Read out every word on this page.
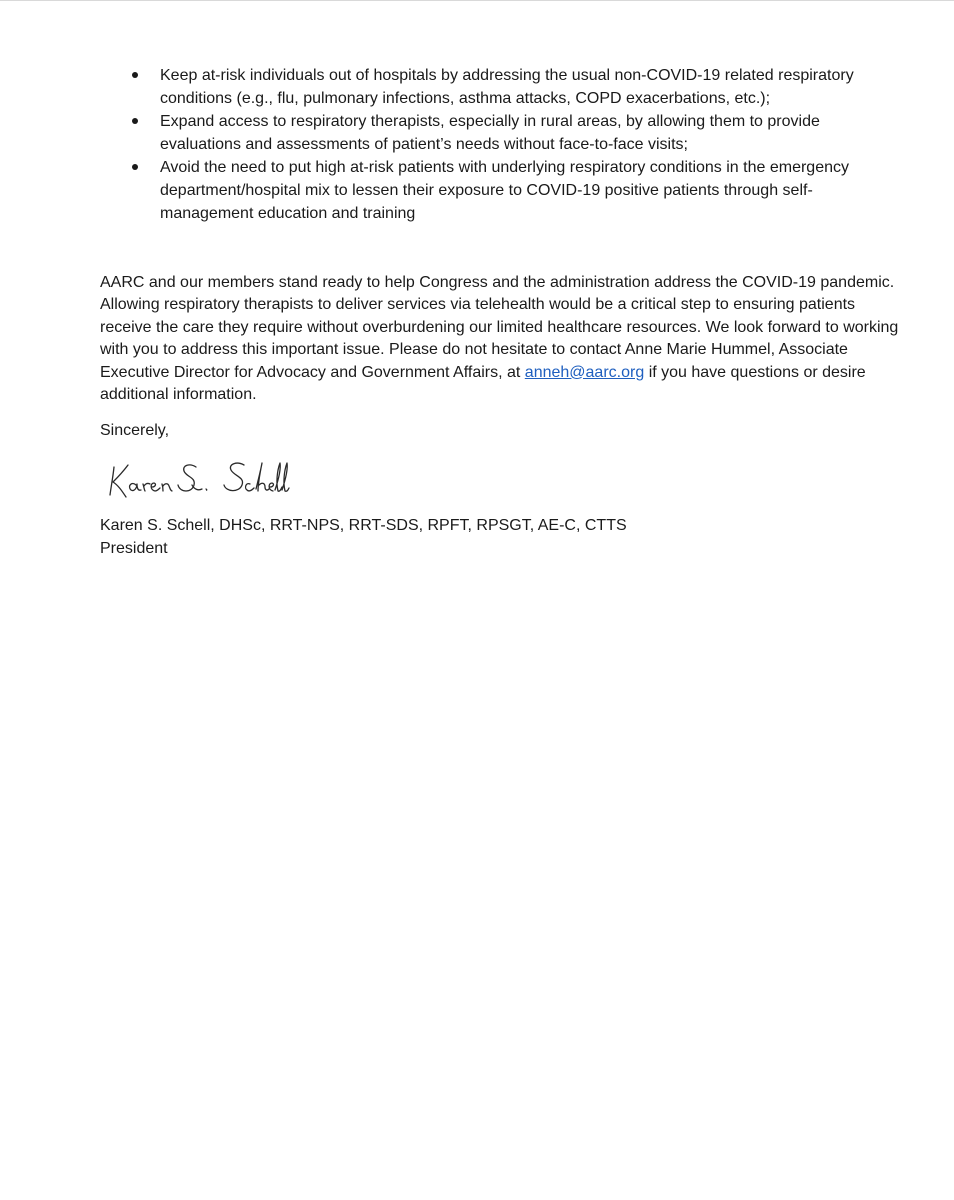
Keep at-risk individuals out of hospitals by addressing the usual non-COVID-19 related respiratory conditions (e.g., flu, pulmonary infections, asthma attacks, COPD exacerbations, etc.);
Expand access to respiratory therapists, especially in rural areas, by allowing them to provide evaluations and assessments of patient’s needs without face-to-face visits;
Avoid the need to put high at-risk patients with underlying respiratory conditions in the emergency department/hospital mix to lessen their exposure to COVID-19 positive patients through self-management education and training

AARC and our members stand ready to help Congress and the administration address the COVID-19 pandemic. Allowing respiratory therapists to deliver services via telehealth would be a critical step to ensuring patients receive the care they require without overburdening our limited healthcare resources. We look forward to working with you to address this important issue. Please do not hesitate to contact Anne Marie Hummel, Associate Executive Director for Advocacy and Government Affairs, at anneh@aarc.org if you have questions or desire additional information.

Sincerely,

Karen S. Schell, DHSc, RRT-NPS, RRT-SDS, RPFT, RPSGT, AE-C, CTTS
President
